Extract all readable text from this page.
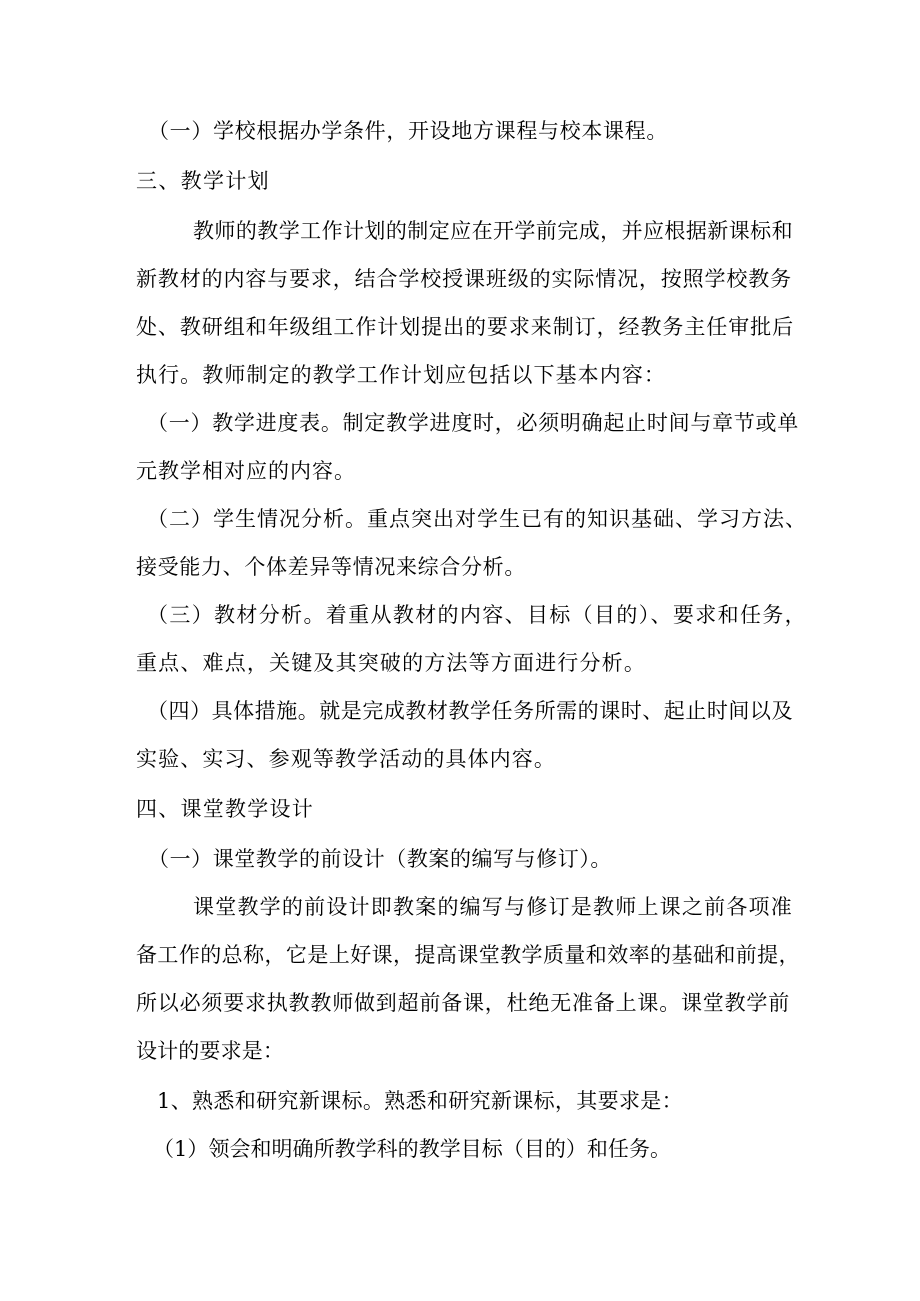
（一）学校根据办学条件，开设地方课程与校本课程。

三、教学计划

教师的教学工作计划的制定应在开学前完成，并应根据新课标和

新教材的内容与要求，结合学校授课班级的实际情况，按照学校教务

处、教研组和年级组工作计划提出的要求来制订，经教务主任审批后

执行。教师制定的教学工作计划应包括以下基本内容：

（一）教学进度表。制定教学进度时，必须明确起止时间与章节或单

元教学相对应的内容。

（二）学生情况分析。重点突出对学生已有的知识基础、学习方法、

接受能力、个体差异等情况来综合分析。

（三）教材分析。着重从教材的内容、目标（目的）、要求和任务，

重点、难点，关键及其突破的方法等方面进行分析。

（四）具体措施。就是完成教材教学任务所需的课时、起止时间以及

实验、实习、参观等教学活动的具体内容。

四、课堂教学设计

（一）课堂教学的前设计（教案的编写与修订）。

课堂教学的前设计即教案的编写与修订是教师上课之前各项准

备工作的总称，它是上好课，提高课堂教学质量和效率的基础和前提，

所以必须要求执教教师做到超前备课，杜绝无准备上课。课堂教学前

设计的要求是：

1、熟悉和研究新课标。熟悉和研究新课标，其要求是：

（1）领会和明确所教学科的教学目标（目的）和任务。
